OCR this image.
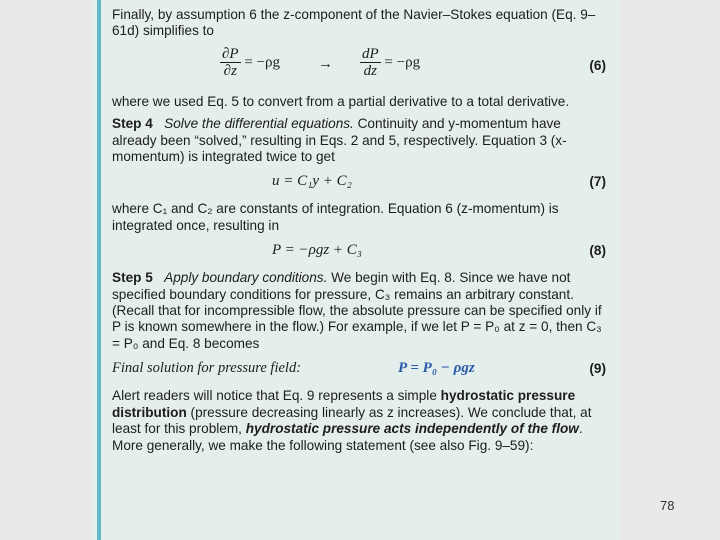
Finally, by assumption 6 the z-component of the Navier–Stokes equation (Eq. 9–61d) simplifies to

$\frac{\partial P}{\partial z} = -\rho g$	→ $\frac{dP}{dz} = -\rho g$	(6)

where we used Eq. 5 to convert from a partial derivative to a total derivative.

Step 4 Solve the differential equations. Continuity and y-momentum have already been “solved,” resulting in Eqs. 2 and 5, respectively. Equation 3 (x-momentum) is integrated twice to get

u = C₁y + C₂	(7)

where C₁ and C₂ are constants of integration. Equation 6 (z-momentum) is integrated once, resulting in

P = −ρgz + C₃	(8)

Step 5 Apply boundary conditions. We begin with Eq. 8. Since we have not specified boundary conditions for pressure, C₃ remains an arbitrary constant. (Recall that for incompressible flow, the absolute pressure can be specified only if P is known somewhere in the flow.) For example, if we let P = P₀ at z = 0, then C₃ = P₀ and Eq. 8 becomes

Final solution for pressure field:	P = P₀ − ρgz	(9)

Alert readers will notice that Eq. 9 represents a simple hydrostatic pressure distribution (pressure decreasing linearly as z increases). We conclude that, at least for this problem, hydrostatic pressure acts independently of the flow. More generally, we make the following statement (see also Fig. 9–59):

78
